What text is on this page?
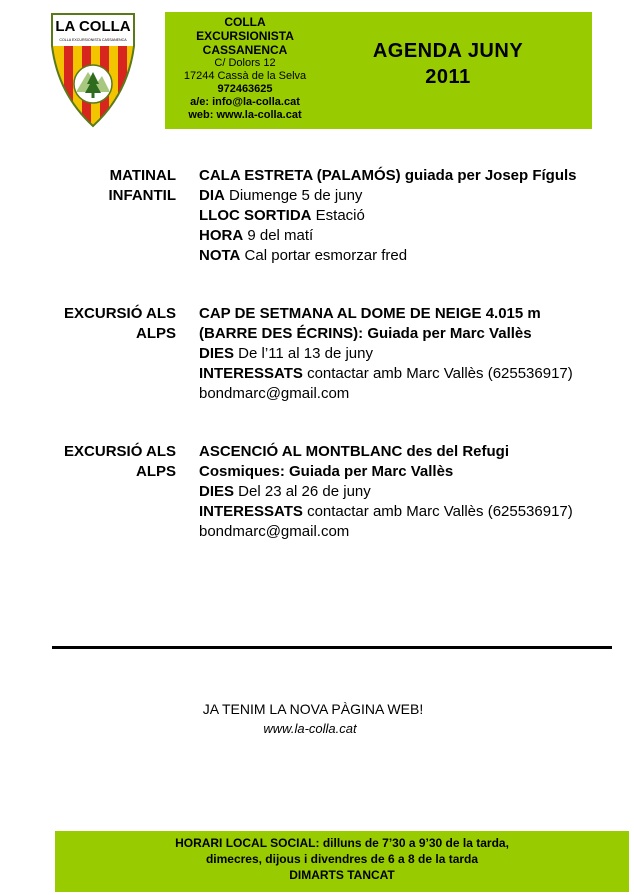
LA COLLA
COLLA EXCURSIONISTA CASSANENCA
COLLA
EXCURSIONISTA
CASSANENCA
C/ Dolors 12
17244 Cassà de la Selva
972463625
a/e: info@la-colla.cat
web: www.la-colla.cat
AGENDA JUNY
2011
MATINAL
INFANTIL
CALA ESTRETA (PALAMÓS) guiada per Josep Fíguls
DIA Diumenge 5 de juny
LLOC SORTIDA Estació
HORA 9 del matí
NOTA Cal portar esmorzar fred
EXCURSIÓ ALS
ALPS
CAP DE SETMANA AL DOME DE NEIGE 4.015 m (BARRE DES ÉCRINS): Guiada per Marc Vallès
DIES De l’11 al 13 de juny
INTERESSATS contactar amb Marc Vallès (625536917) bondmarc@gmail.com
EXCURSIÓ ALS
ALPS
ASCENCIÓ AL MONTBLANC des del Refugi Cosmiques: Guiada per Marc Vallès
DIES Del 23 al 26 de juny
INTERESSATS contactar amb Marc Vallès (625536917) bondmarc@gmail.com
JA TENIM LA NOVA PÀGINA WEB!
www.la-colla.cat
HORARI LOCAL SOCIAL: dilluns de 7’30 a 9’30 de la tarda,
dimecres, dijous i divendres de 6 a 8 de la tarda
DIMARTS TANCAT
